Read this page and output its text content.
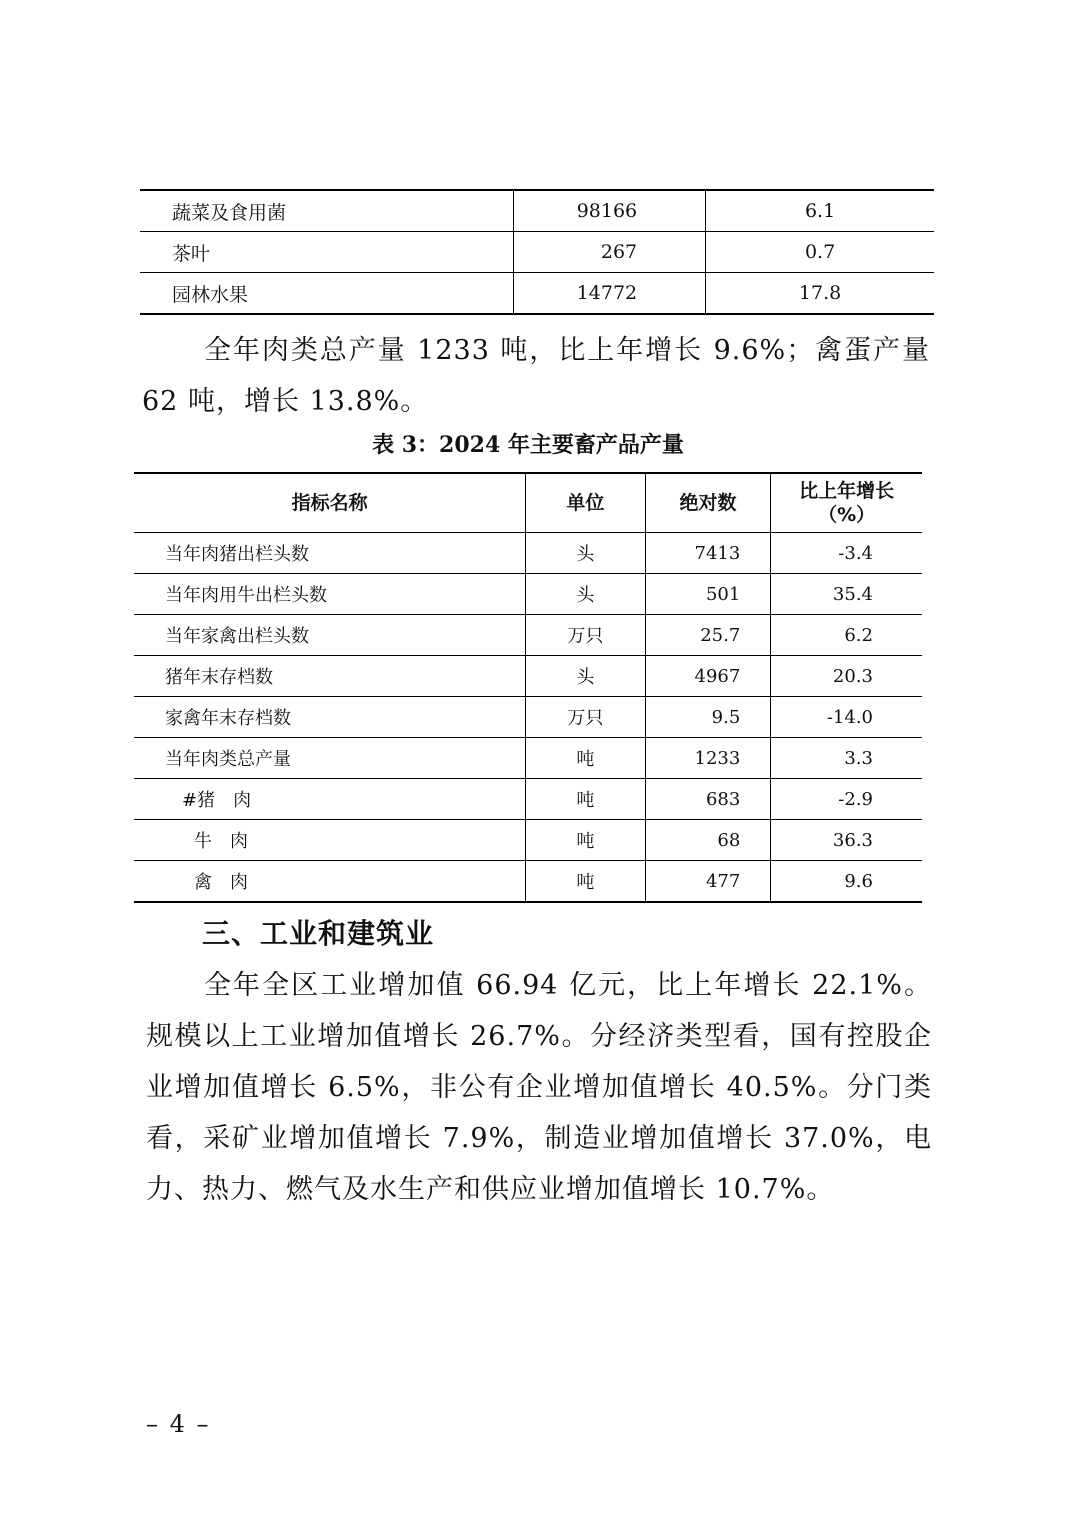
蔬菜及食用菌	98166	6.1
茶叶	267	0.7
园林水果	14772	17.8
全年肉类总产量 1233 吨，比上年增长 9.6%；禽蛋产量 62 吨，增长 13.8%。
表 3：2024 年主要畜产品产量
指标名称	单位	绝对数	比上年增长
（%）

当年肉猪出栏头数	头	7413	-3.4
当年肉用牛出栏头数	头	501	35.4
当年家禽出栏头数	万只	25.7	6.2
猪年末存档数	头	4967	20.3
家禽年末存档数	万只	9.5	-14.0
当年肉类总产量	吨	1233	3.3
#猪　肉	吨	683	-2.9
牛　肉	吨	68	36.3
禽　肉	吨	477	9.6
三、工业和建筑业
全年全区工业增加值 66.94 亿元，比上年增长 22.1%。规模以上工业增加值增长 26.7%。分经济类型看，国有控股企业增加值增长 6.5%，非公有企业增加值增长 40.5%。分门类看，采矿业增加值增长 7.9%，制造业增加值增长 37.0%，电力、热力、燃气及水生产和供应业增加值增长 10.7%。
– 4 –
